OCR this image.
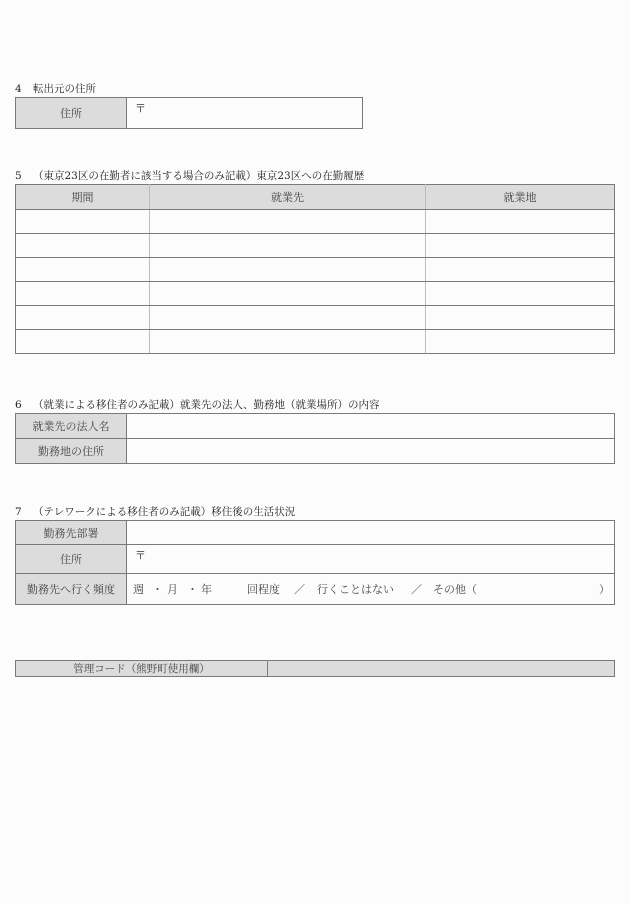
4 転出元の住所
住所	〒
5 （東京23区の在勤者に該当する場合のみ記載）東京23区への在勤履歴
期間	就業先	就業地

6 （就業による移住者のみ記載）就業先の法人、勤務地（就業場所）の内容
就業先の法人名	
勤務地の住所	
7 （テレワークによる移住者のみ記載）移住後の生活状況
勤務先部署	
住所	〒
勤務先へ行く頻度	週 ・ 月 ・ 年	回程度 ／ 行くことはない ／ その他（	）
管理コード（熊野町使用欄）	
